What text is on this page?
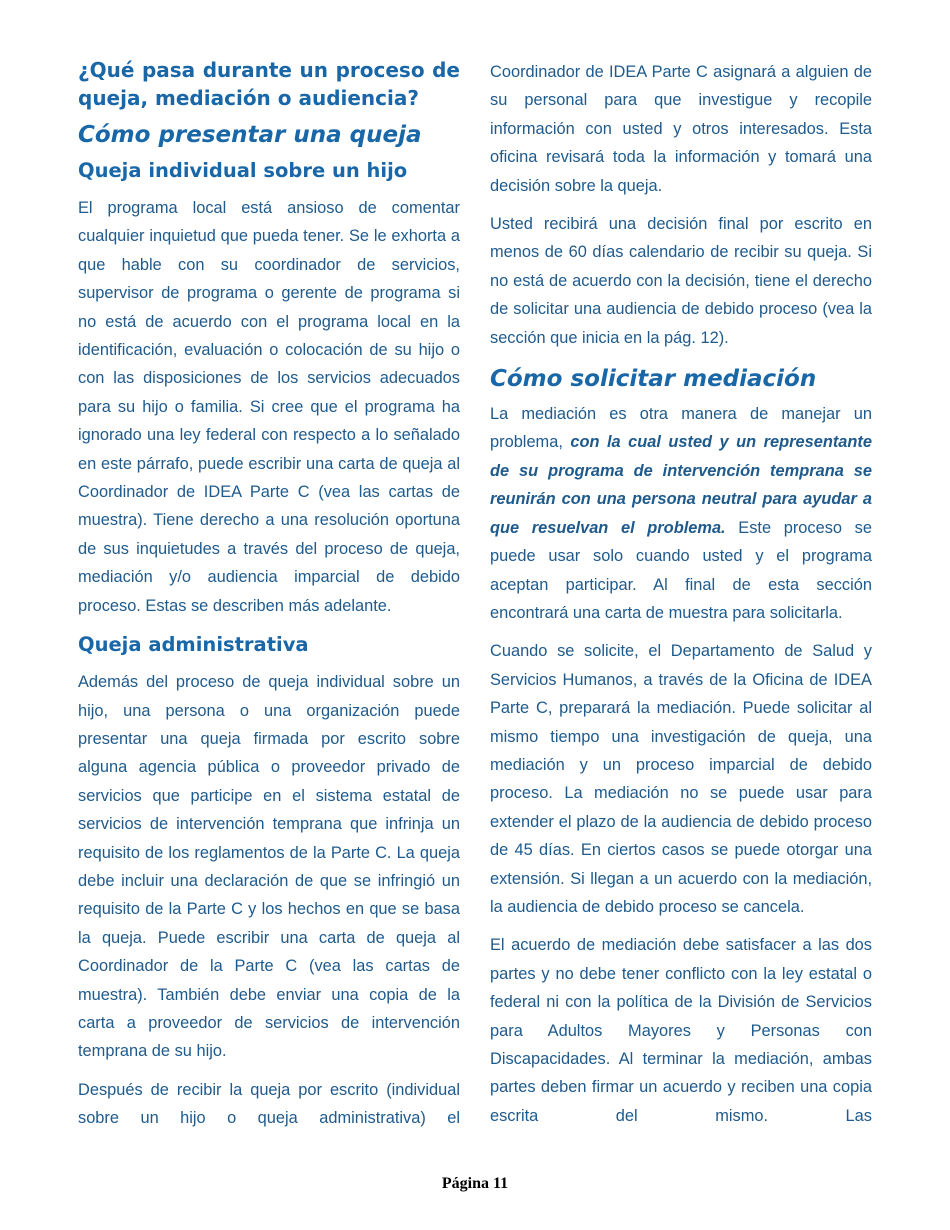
¿Qué pasa durante un proceso de queja, mediación o audiencia?
Cómo presentar una queja
Queja individual sobre un hijo

El programa local está ansioso de comentar cualquier inquietud que pueda tener. Se le exhorta a que hable con su coordinador de servicios, supervisor de programa o gerente de programa si no está de acuerdo con el programa local en la identificación, evaluación o colocación de su hijo o con las disposiciones de los servicios adecuados para su hijo o familia. Si cree que el programa ha ignorado una ley federal con respecto a lo señalado en este párrafo, puede escribir una carta de queja al Coordinador de IDEA Parte C (vea las cartas de muestra). Tiene derecho a una resolución oportuna de sus inquietudes a través del proceso de queja, mediación y/o audiencia imparcial de debido proceso. Estas se describen más adelante.

Queja administrativa

Además del proceso de queja individual sobre un hijo, una persona o una organización puede presentar una queja firmada por escrito sobre alguna agencia pública o proveedor privado de servicios que participe en el sistema estatal de servicios de intervención temprana que infrinja un requisito de los reglamentos de la Parte C. La queja debe incluir una declaración de que se infringió un requisito de la Parte C y los hechos en que se basa la queja. Puede escribir una carta de queja al Coordinador de la Parte C (vea las cartas de muestra). También debe enviar una copia de la carta a proveedor de servicios de intervención temprana de su hijo.

Después de recibir la queja por escrito (individual sobre un hijo o queja administrativa) el

Coordinador de IDEA Parte C asignará a alguien de su personal para que investigue y recopile información con usted y otros interesados. Esta oficina revisará toda la información y tomará una decisión sobre la queja.

Usted recibirá una decisión final por escrito en menos de 60 días calendario de recibir su queja. Si no está de acuerdo con la decisión, tiene el derecho de solicitar una audiencia de debido proceso (vea la sección que inicia en la pág. 12).

Cómo solicitar mediación

La mediación es otra manera de manejar un problema, con la cual usted y un representante de su programa de intervención temprana se reunirán con una persona neutral para ayudar a que resuelvan el problema. Este proceso se puede usar solo cuando usted y el programa aceptan participar. Al final de esta sección encontrará una carta de muestra para solicitarla.

Cuando se solicite, el Departamento de Salud y Servicios Humanos, a través de la Oficina de IDEA Parte C, preparará la mediación. Puede solicitar al mismo tiempo una investigación de queja, una mediación y un proceso imparcial de debido proceso. La mediación no se puede usar para extender el plazo de la audiencia de debido proceso de 45 días. En ciertos casos se puede otorgar una extensión. Si llegan a un acuerdo con la mediación, la audiencia de debido proceso se cancela.

El acuerdo de mediación debe satisfacer a las dos partes y no debe tener conflicto con la ley estatal o federal ni con la política de la División de Servicios para Adultos Mayores y Personas con Discapacidades. Al terminar la mediación, ambas partes deben firmar un acuerdo y reciben una copia escrita del mismo. Las

Página 11
